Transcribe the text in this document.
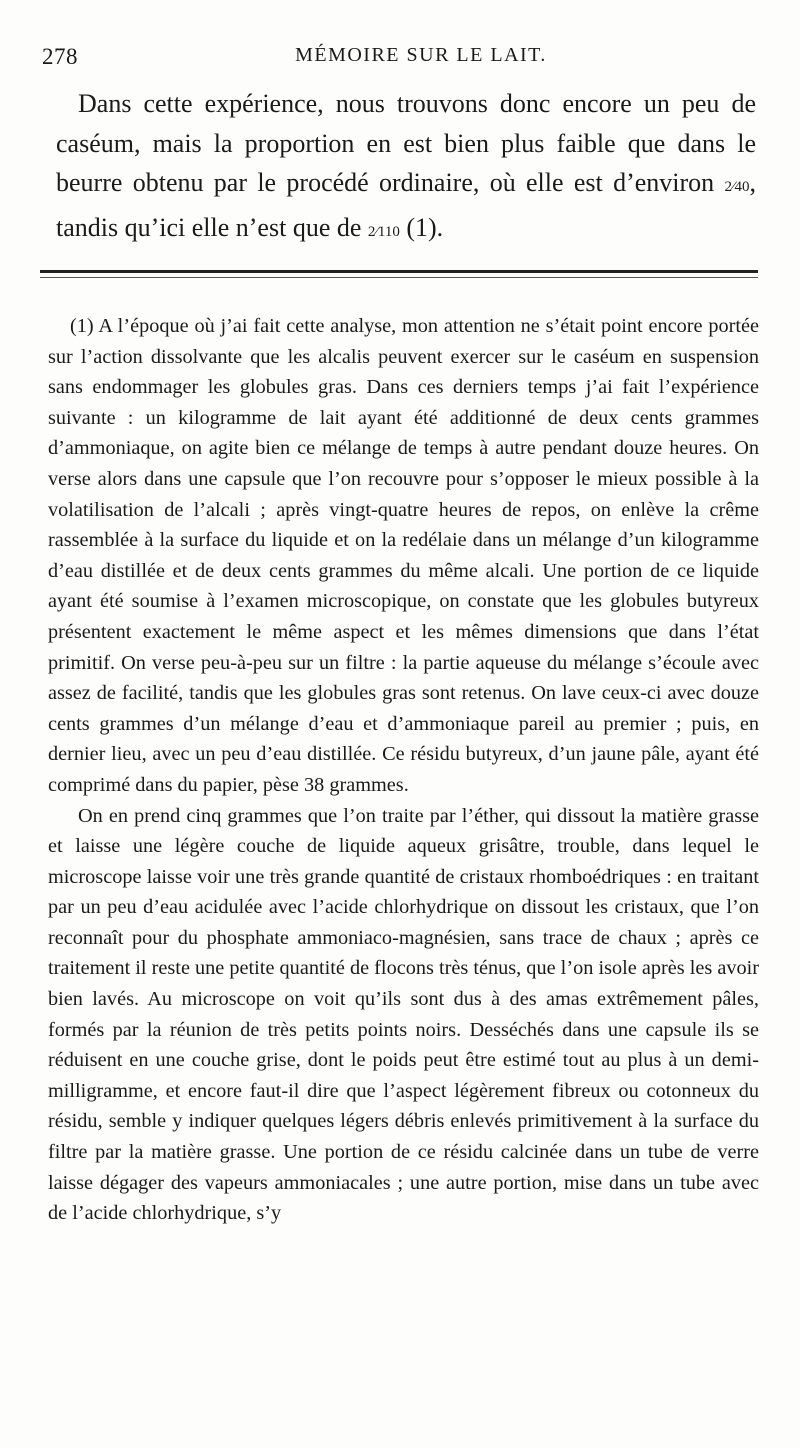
278	MÉMOIRE SUR LE LAIT.

Dans cette expérience, nous trouvons donc encore un peu de caséum, mais la proportion en est bien plus faible que dans le beurre obtenu par le procédé ordinaire, où elle est d’environ 2⁄40, tandis qu’ici elle n’est que de 2⁄110 (1).

(1) A l’époque où j’ai fait cette analyse, mon attention ne s’était point encore portée sur l’action dissolvante que les alcalis peuvent exercer sur le caséum en suspension sans endommager les globules gras. Dans ces derniers temps j’ai fait l’expérience suivante : un kilogramme de lait ayant été additionné de deux cents grammes d’ammoniaque, on agite bien ce mélange de temps à autre pendant douze heures. On verse alors dans une capsule que l’on recouvre pour s’opposer le mieux possible à la volatilisation de l’alcali ; après vingt-quatre heures de repos, on enlève la crême rassemblée à la surface du liquide et on la redélaie dans un mélange d’un kilogramme d’eau distillée et de deux cents grammes du même alcali. Une portion de ce liquide ayant été soumise à l’examen microscopique, on constate que les globules butyreux présentent exactement le même aspect et les mêmes dimensions que dans l’état primitif. On verse peu-à-peu sur un filtre : la partie aqueuse du mélange s’écoule avec assez de facilité, tandis que les globules gras sont retenus. On lave ceux-ci avec douze cents grammes d’un mélange d’eau et d’ammoniaque pareil au premier ; puis, en dernier lieu, avec un peu d’eau distillée. Ce résidu butyreux, d’un jaune pâle, ayant été comprimé dans du papier, pèse 38 grammes.

On en prend cinq grammes que l’on traite par l’éther, qui dissout la matière grasse et laisse une légère couche de liquide aqueux grisâtre, trouble, dans lequel le microscope laisse voir une très grande quantité de cristaux rhomboédriques : en traitant par un peu d’eau acidulée avec l’acide chlorhydrique on dissout les cristaux, que l’on reconnaît pour du phosphate ammoniaco-magnésien, sans trace de chaux ; après ce traitement il reste une petite quantité de flocons très ténus, que l’on isole après les avoir bien lavés. Au microscope on voit qu’ils sont dus à des amas extrêmement pâles, formés par la réunion de très petits points noirs. Desséchés dans une capsule ils se réduisent en une couche grise, dont le poids peut être estimé tout au plus à un demi-milligramme, et encore faut-il dire que l’aspect légèrement fibreux ou cotonneux du résidu, semble y indiquer quelques légers débris enlevés primitivement à la surface du filtre par la matière grasse. Une portion de ce résidu calcinée dans un tube de verre laisse dégager des vapeurs ammoniacales ; une autre portion, mise dans un tube avec de l’acide chlorhydrique, s’y
